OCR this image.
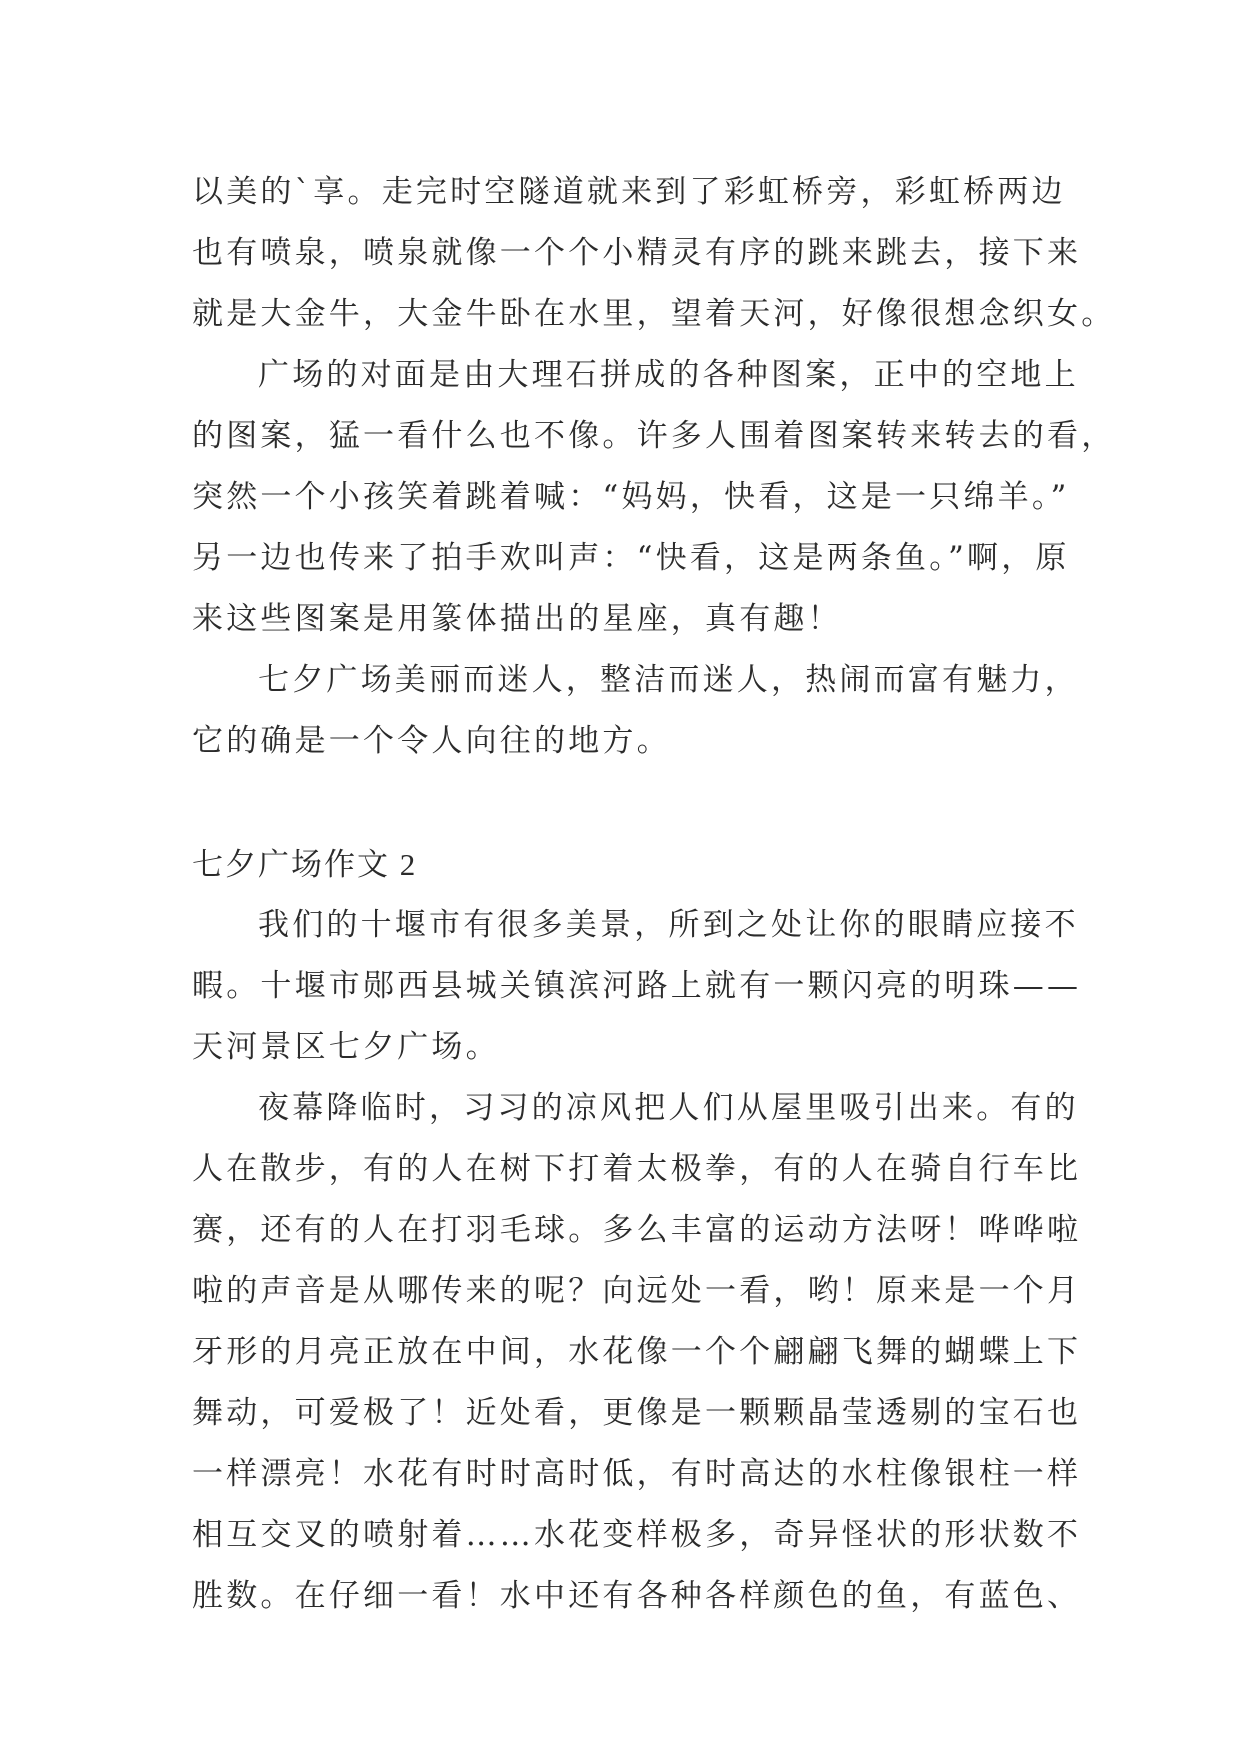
以美的`享。走完时空隧道就来到了彩虹桥旁，彩虹桥两边
也有喷泉，喷泉就像一个个小精灵有序的跳来跳去，接下来
就是大金牛，大金牛卧在水里，望着天河，好像很想念织女。
广场的对面是由大理石拼成的各种图案，正中的空地上
的图案，猛一看什么也不像。许多人围着图案转来转去的看，
突然一个小孩笑着跳着喊：“妈妈，快看，这是一只绵羊。”
另一边也传来了拍手欢叫声：“快看，这是两条鱼。”啊，原
来这些图案是用篆体描出的星座，真有趣！
七夕广场美丽而迷人，整洁而迷人，热闹而富有魅力，
它的确是一个令人向往的地方。
七夕广场作文 2
我们的十堰市有很多美景，所到之处让你的眼睛应接不
暇。十堰市郧西县城关镇滨河路上就有一颗闪亮的明珠——
天河景区七夕广场。
夜幕降临时，习习的凉风把人们从屋里吸引出来。有的
人在散步，有的人在树下打着太极拳，有的人在骑自行车比
赛，还有的人在打羽毛球。多么丰富的运动方法呀！哗哗啦
啦的声音是从哪传来的呢？向远处一看，哟！原来是一个月
牙形的月亮正放在中间，水花像一个个翩翩飞舞的蝴蝶上下
舞动，可爱极了！近处看，更像是一颗颗晶莹透剔的宝石也
一样漂亮！水花有时时高时低，有时高达的水柱像银柱一样
相互交叉的喷射着……水花变样极多，奇异怪状的形状数不
胜数。在仔细一看！水中还有各种各样颜色的鱼，有蓝色、
